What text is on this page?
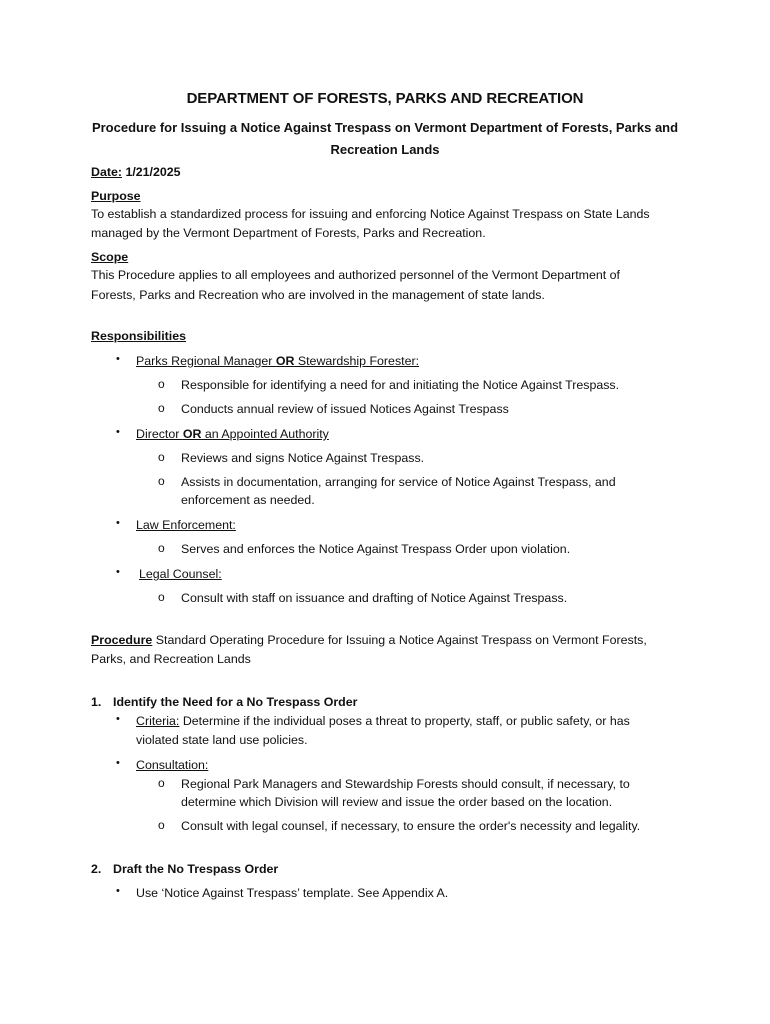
DEPARTMENT OF FORESTS, PARKS AND RECREATION
Procedure for Issuing a Notice Against Trespass on Vermont Department of Forests, Parks and Recreation Lands
Date: 1/21/2025
Purpose
To establish a standardized process for issuing and enforcing Notice Against Trespass on State Lands
managed by the Vermont Department of Forests, Parks and Recreation.
Scope
This Procedure applies to all employees and authorized personnel of the Vermont Department of
Forests, Parks and Recreation who are involved in the management of state lands.
Responsibilities
• Parks Regional Manager OR Stewardship Forester:
o Responsible for identifying a need for and initiating the Notice Against Trespass.
o Conducts annual review of issued Notices Against Trespass
• Director OR an Appointed Authority
o Reviews and signs Notice Against Trespass.
o Assists in documentation, arranging for service of Notice Against Trespass, and
enforcement as needed.
• Law Enforcement:
o Serves and enforces the Notice Against Trespass Order upon violation.
• Legal Counsel:
o Consult with staff on issuance and drafting of Notice Against Trespass.
Procedure Standard Operating Procedure for Issuing a Notice Against Trespass on Vermont Forests,
Parks, and Recreation Lands
1. Identify the Need for a No Trespass Order
• Criteria: Determine if the individual poses a threat to property, staff, or public safety, or has
violated state land use policies.
• Consultation:
o Regional Park Managers and Stewardship Forests should consult, if necessary, to
determine which Division will review and issue the order based on the location.
o Consult with legal counsel, if necessary, to ensure the order's necessity and legality.
2. Draft the No Trespass Order
• Use ‘Notice Against Trespass’ template. See Appendix A.
